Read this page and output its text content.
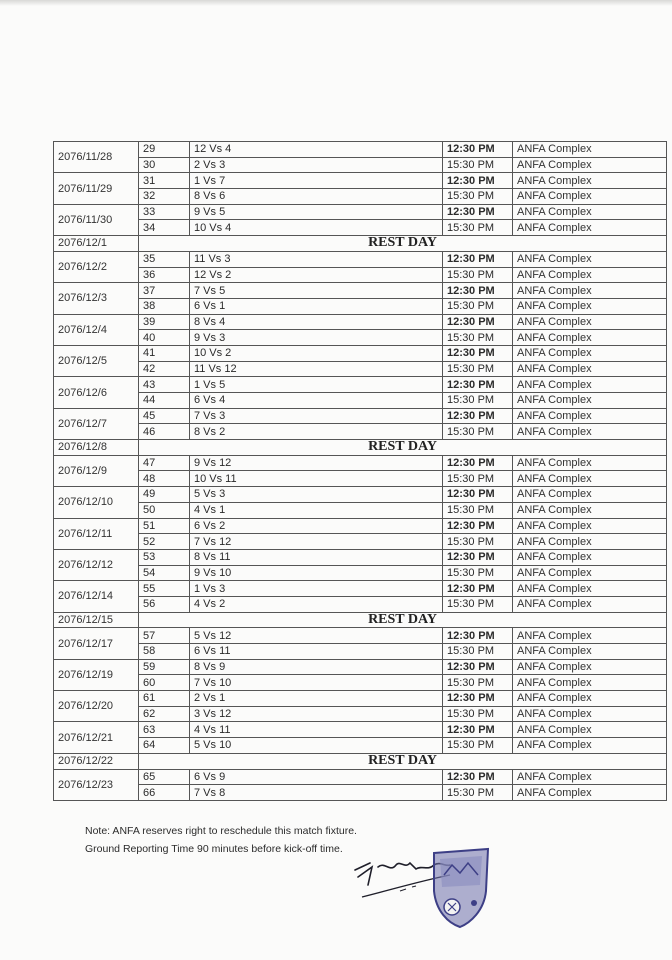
2076/11/28	29	12 Vs 4	12:30 PM	ANFA Complex
	30	2 Vs 3	15:30 PM	ANFA Complex
2076/11/29	31	1 Vs 7	12:30 PM	ANFA Complex
	32	8 Vs 6	15:30 PM	ANFA Complex
2076/11/30	33	9 Vs 5	12:30 PM	ANFA Complex
	34	10 Vs 4	15:30 PM	ANFA Complex
2076/12/1	REST DAY			
2076/12/2	35	11 Vs 3	12:30 PM	ANFA Complex
	36	12 Vs 2	15:30 PM	ANFA Complex
2076/12/3	37	7 Vs 5	12:30 PM	ANFA Complex
	38	6 Vs 1	15:30 PM	ANFA Complex
2076/12/4	39	8 Vs 4	12:30 PM	ANFA Complex
	40	9 Vs 3	15:30 PM	ANFA Complex
2076/12/5	41	10 Vs 2	12:30 PM	ANFA Complex
	42	11 Vs 12	15:30 PM	ANFA Complex
2076/12/6	43	1 Vs 5	12:30 PM	ANFA Complex
	44	6 Vs 4	15:30 PM	ANFA Complex
2076/12/7	45	7 Vs 3	12:30 PM	ANFA Complex
	46	8 Vs 2	15:30 PM	ANFA Complex
2076/12/8	REST DAY			
2076/12/9	47	9 Vs 12	12:30 PM	ANFA Complex
	48	10 Vs 11	15:30 PM	ANFA Complex
2076/12/10	49	5 Vs 3	12:30 PM	ANFA Complex
	50	4 Vs 1	15:30 PM	ANFA Complex
2076/12/11	51	6 Vs 2	12:30 PM	ANFA Complex
	52	7 Vs 12	15:30 PM	ANFA Complex
2076/12/12	53	8 Vs 11	12:30 PM	ANFA Complex
	54	9 Vs 10	15:30 PM	ANFA Complex
2076/12/14	55	1 Vs 3	12:30 PM	ANFA Complex
	56	4 Vs 2	15:30 PM	ANFA Complex
2076/12/15	REST DAY			
2076/12/17	57	5 Vs 12	12:30 PM	ANFA Complex
	58	6 Vs 11	15:30 PM	ANFA Complex
2076/12/19	59	8 Vs 9	12:30 PM	ANFA Complex
	60	7 Vs 10	15:30 PM	ANFA Complex
2076/12/20	61	2 Vs 1	12:30 PM	ANFA Complex
	62	3 Vs 12	15:30 PM	ANFA Complex
2076/12/21	63	4 Vs 11	12:30 PM	ANFA Complex
	64	5 Vs 10	15:30 PM	ANFA Complex
2076/12/22	REST DAY			
2076/12/23	65	6 Vs 9	12:30 PM	ANFA Complex
	66	7 Vs 8	15:30 PM	ANFA Complex
Note: ANFA reserves right to reschedule this match fixture.
Ground Reporting Time 90 minutes before kick-off time.
